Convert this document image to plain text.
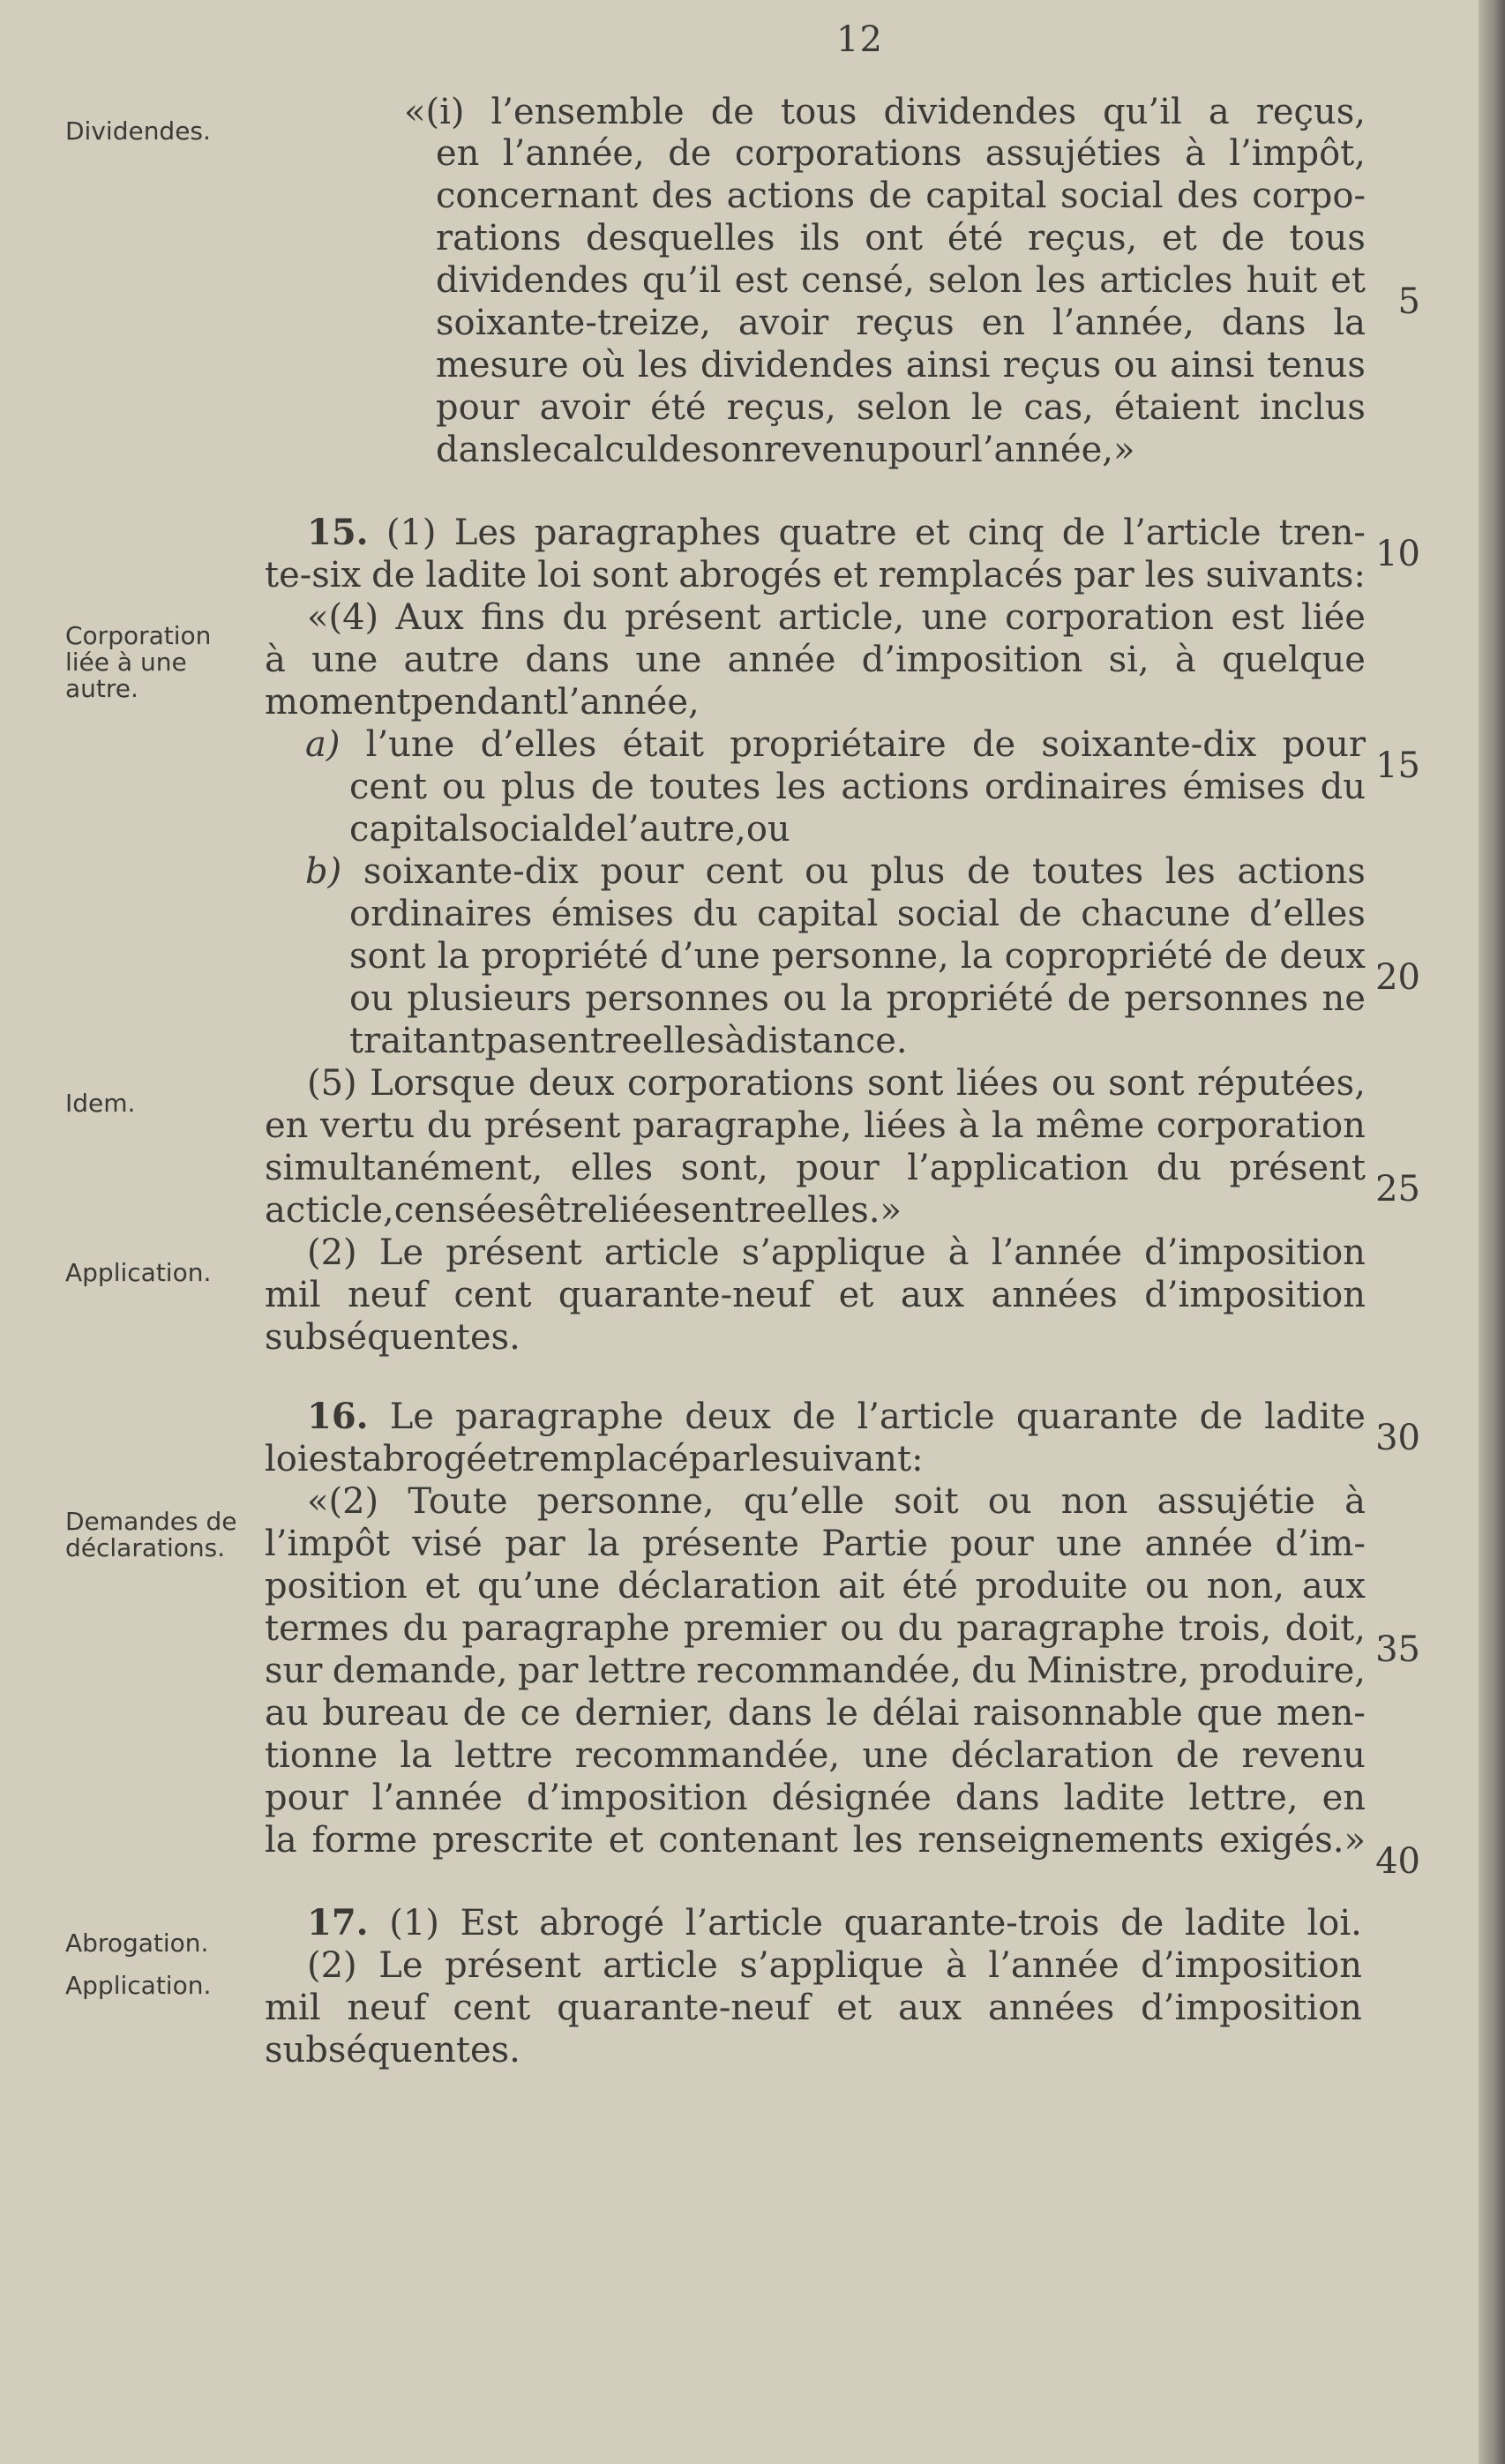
12
Dividendes.
Corporation liée à une autre.
Idem.
Application.
Demandes de déclarations.
Abrogation.
Application.
5
10
15
20
25
30
35
40
«(i) l’ensemble de tous dividendes qu’il a reçus,
en l’année, de corporations assujéties à l’impôt,
concernant des actions de capital social des corpo-
rations desquelles ils ont été reçus, et de tous
dividendes qu’il est censé, selon les articles huit et
soixante-treize, avoir reçus en l’année, dans la
mesure où les dividendes ainsi reçus ou ainsi tenus
pour avoir été reçus, selon le cas, étaient inclus
dans le calcul de son revenu pour l’année,»
15. (1) Les paragraphes quatre et cinq de l’article tren-
te-six de ladite loi sont abrogés et remplacés par les suivants:
«(4) Aux fins du présent article, une corporation est liée
à une autre dans une année d’imposition si, à quelque
moment pendant l’année,
a) l’une d’elles était propriétaire de soixante-dix pour
cent ou plus de toutes les actions ordinaires émises du
capital social de l’autre, ou
b) soixante-dix pour cent ou plus de toutes les actions
ordinaires émises du capital social de chacune d’elles
sont la propriété d’une personne, la copropriété de deux
ou plusieurs personnes ou la propriété de personnes ne
traitant pas entre elles à distance.
(5) Lorsque deux corporations sont liées ou sont réputées,
en vertu du présent paragraphe, liées à la même corporation
simultanément, elles sont, pour l’application du présent
acticle, censées être liées entre elles.»
(2) Le présent article s’applique à l’année d’imposition
mil neuf cent quarante-neuf et aux années d’imposition
subséquentes.
16. Le paragraphe deux de l’article quarante de ladite
loi est abrogé et remplacé par le suivant:
«(2) Toute personne, qu’elle soit ou non assujétie à
l’impôt visé par la présente Partie pour une année d’im-
position et qu’une déclaration ait été produite ou non, aux
termes du paragraphe premier ou du paragraphe trois, doit,
sur demande, par lettre recommandée, du Ministre, produire,
au bureau de ce dernier, dans le délai raisonnable que men-
tionne la lettre recommandée, une déclaration de revenu
pour l’année d’imposition désignée dans ladite lettre, en
la forme prescrite et contenant les renseignements exigés.»
17. (1) Est abrogé l’article quarante-trois de ladite loi.
(2) Le présent article s’applique à l’année d’imposition
mil neuf cent quarante-neuf et aux années d’imposition
subséquentes.
